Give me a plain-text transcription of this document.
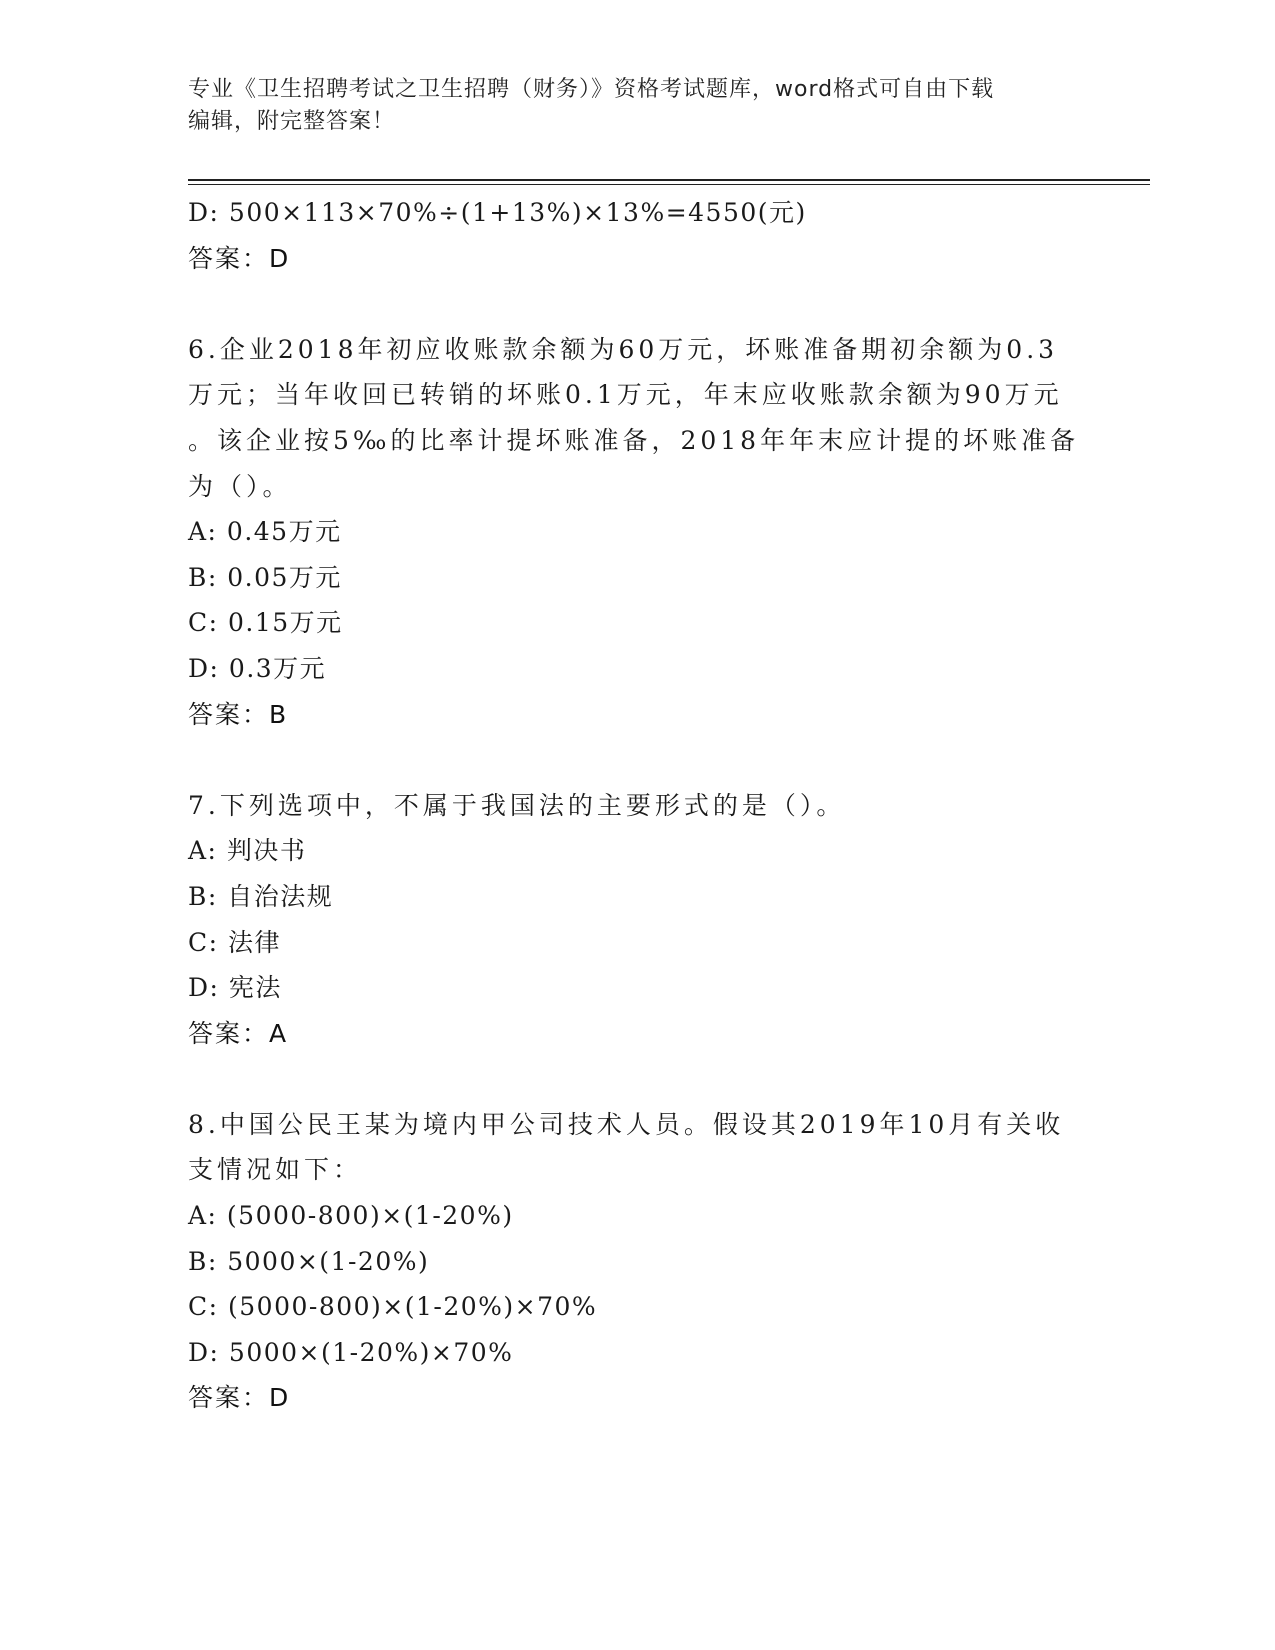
专业《卫生招聘考试之卫生招聘（财务）》资格考试题库，word格式可自由下载
编辑，附完整答案！
D: 500×113×70%÷(1+13%)×13%=4550(元)
答案：D
6.企业2018年初应收账款余额为60万元，坏账准备期初余额为0.3
万元；当年收回已转销的坏账0.1万元，年末应收账款余额为90万元
。该企业按5‰的比率计提坏账准备，2018年年末应计提的坏账准备
为（）。
A: 0.45万元
B: 0.05万元
C: 0.15万元
D: 0.3万元
答案：B
7.下列选项中，不属于我国法的主要形式的是（）。
A: 判决书
B: 自治法规
C: 法律
D: 宪法
答案：A
8.中国公民王某为境内甲公司技术人员。假设其2019年10月有关收
支情况如下：
A: (5000-800)×(1-20%)
B: 5000×(1-20%)
C: (5000-800)×(1-20%)×70%
D: 5000×(1-20%)×70%
答案：D
